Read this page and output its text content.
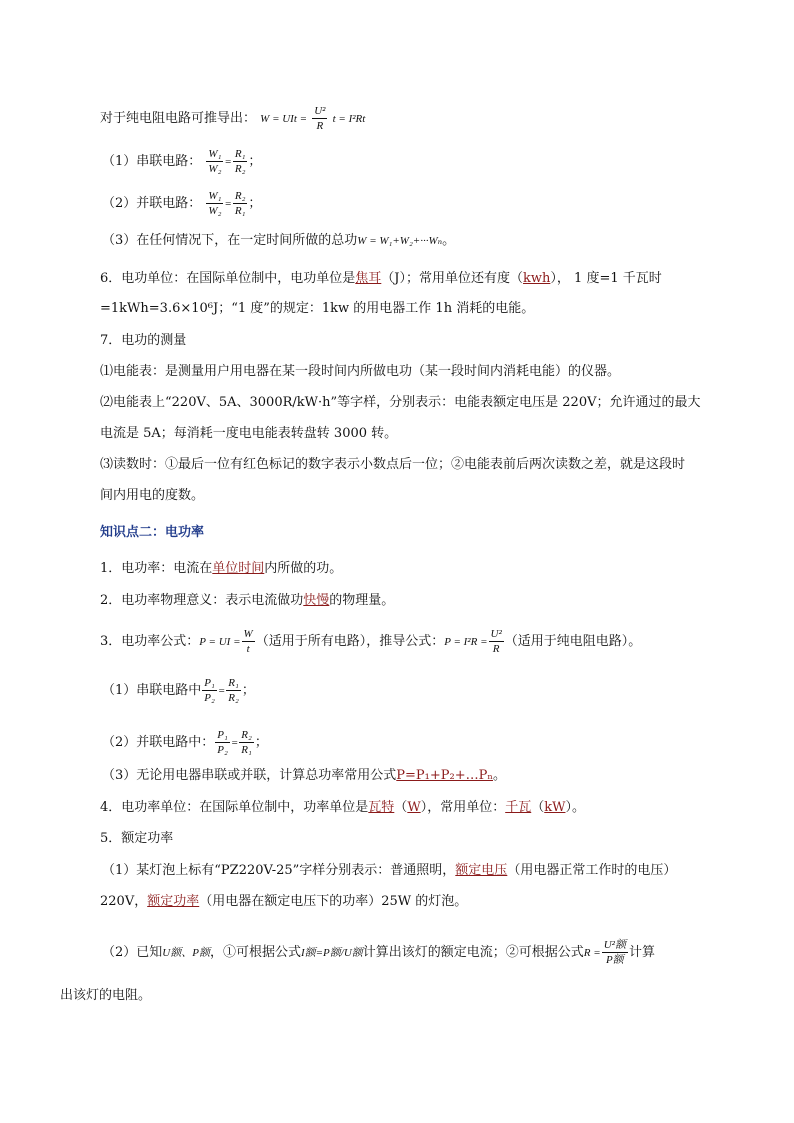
对于纯电阻电路可推导出： W = UIt = $\frac{\text{U²}}{R}$ t = I²Rt
（1）串联电路： $\frac{\text{W₁}}{\text{W₂}} = \frac{\text{R₁}}{\text{R₂}}$ ；
（2）并联电路： $\frac{\text{W₁}}{\text{W₂}} = \frac{\text{R₂}}{\text{R₁}}$ ；
（3）在任何情况下，在一定时间所做的总功W = W₁+W₂+···Wₙ。
6．电功单位：在国际单位制中，电功单位是焦耳（J）；常用单位还有度（kwh）， 1 度=1 千瓦时
=1kWh=3.6×10⁶J；“1 度”的规定：1kw 的用电器工作 1h 消耗的电能。
7．电功的测量
⑴电能表：是测量用户用电器在某一段时间内所做电功（某一段时间内消耗电能）的仪器。
⑵电能表上“220V、5A、3000R/kW·h”等字样，分别表示：电能表额定电压是 220V；允许通过的最大
电流是 5A；每消耗一度电电能表转盘转 3000 转。
⑶读数时：①最后一位有红色标记的数字表示小数点后一位；②电能表前后两次读数之差，就是这段时
间内用电的度数。
知识点二：电功率
1．电功率：电流在单位时间内所做的功。
2．电功率物理意义：表示电流做功快慢的物理量。
3．电功率公式：P = UI = $\frac{W}{t}$ （适用于所有电路），推导公式：$P = I^2R = \frac{\text{U²}}{R}$ （适用于纯电阻电路）。
（1）串联电路中 $\frac{\text{P₁}}{\text{P₂}} = \frac{\text{R₁}}{\text{R₂}}$ ；
（2）并联电路中： $\frac{\text{P₁}}{\text{P₂}} = \frac{\text{R₂}}{\text{R₁}}$ ；
（3）无论用电器串联或并联，计算总功率常用公式P=P₁+P₂+…Pₙ。
4．电功率单位：在国际单位制中，功率单位是瓦特（W），常用单位：千瓦（kW）。
5．额定功率
（1）某灯泡上标有“PZ220V-25”字样分别表示：普通照明，额定电压（用电器正常工作时的电压）
220V，额定功率（用电器在额定电压下的功率）25W 的灯泡。
（2）已知U额、P额，①可根据公式I额=P额/U额计算出该灯的额定电流；②可根据公式$R = \frac{\text{U²额}}{\text{P额}}$ 计算
出该灯的电阻。
